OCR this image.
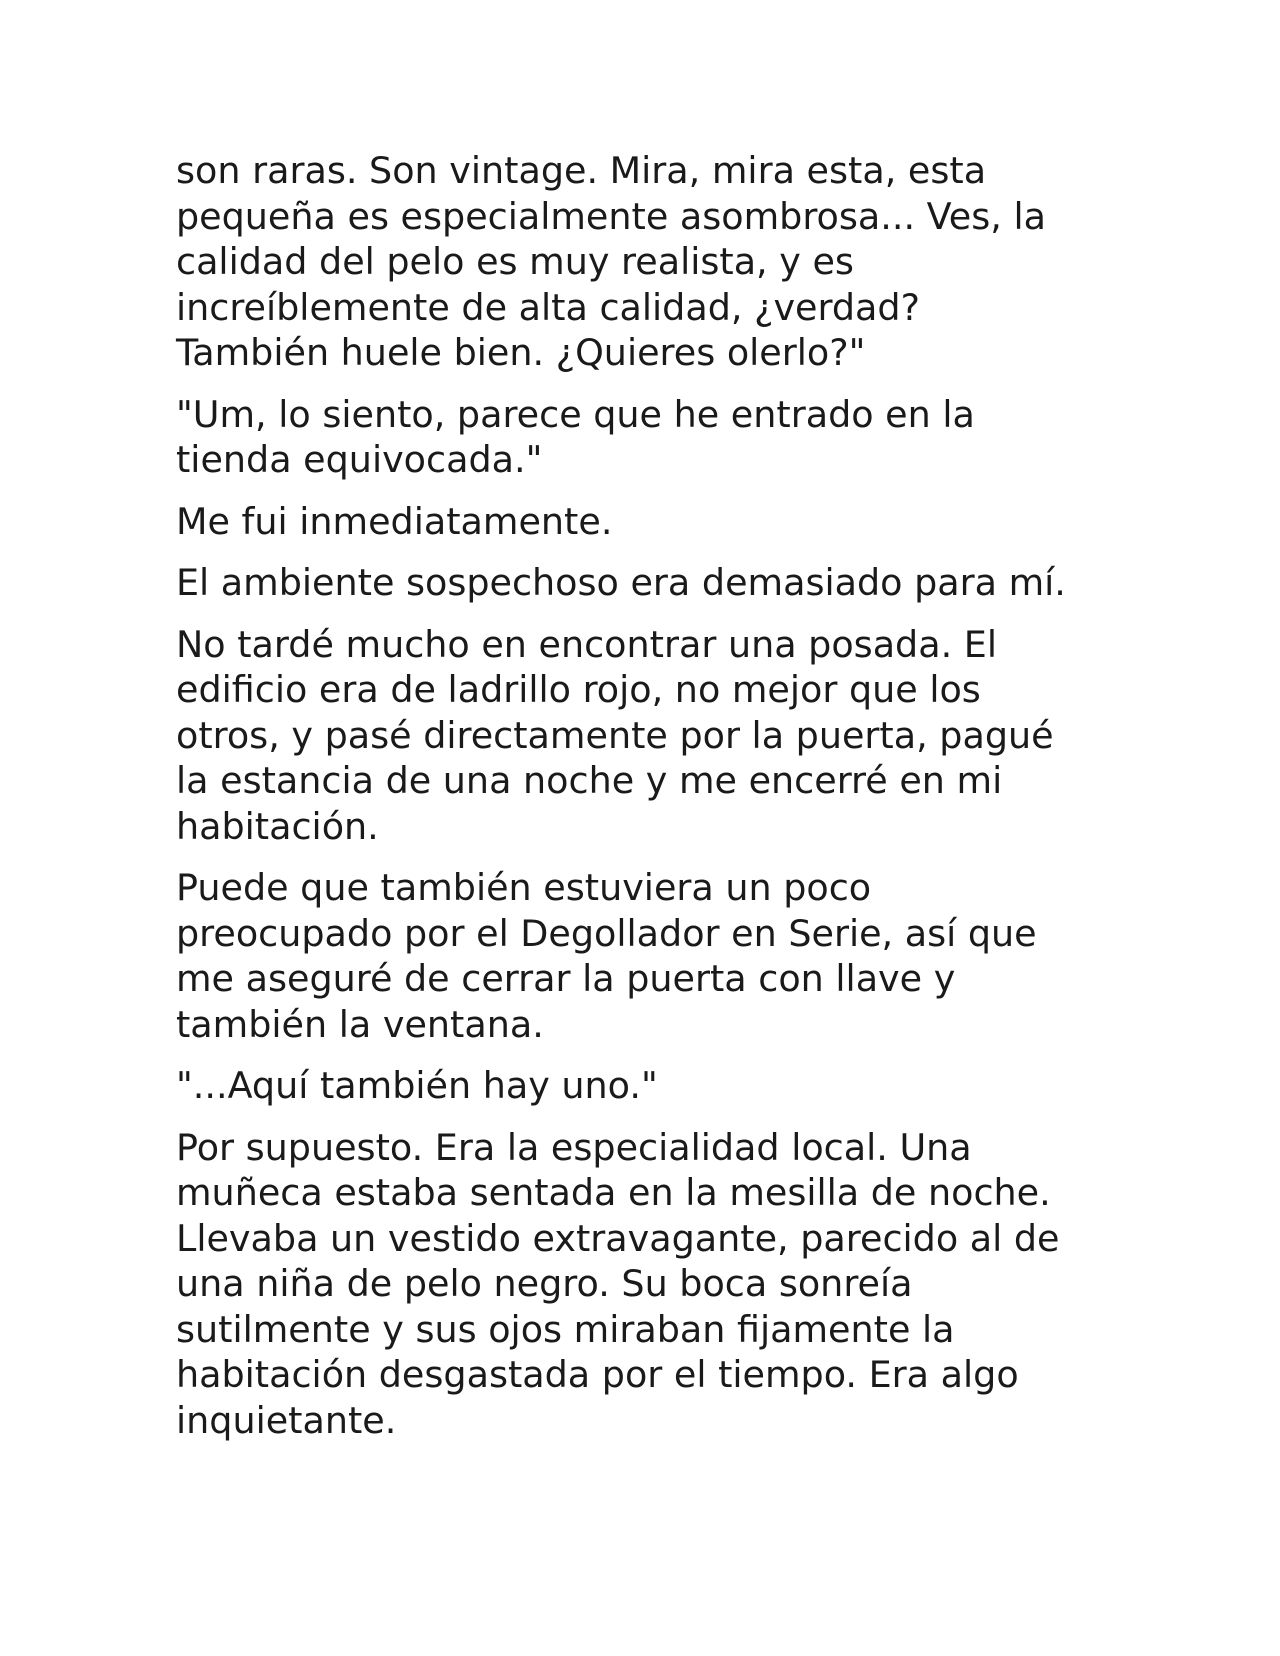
son raras. Son vintage. Mira, mira esta, esta
pequeña es especialmente asombrosa... Ves, la
calidad del pelo es muy realista, y es
increíblemente de alta calidad, ¿verdad?
También huele bien. ¿Quieres olerlo?"

"Um, lo siento, parece que he entrado en la
tienda equivocada."

Me fui inmediatamente.

El ambiente sospechoso era demasiado para mí.

No tardé mucho en encontrar una posada. El
edificio era de ladrillo rojo, no mejor que los
otros, y pasé directamente por la puerta, pagué
la estancia de una noche y me encerré en mi
habitación.

Puede que también estuviera un poco
preocupado por el Degollador en Serie, así que
me aseguré de cerrar la puerta con llave y
también la ventana.

"...Aquí también hay uno."

Por supuesto. Era la especialidad local. Una
muñeca estaba sentada en la mesilla de noche.
Llevaba un vestido extravagante, parecido al de
una niña de pelo negro. Su boca sonreía
sutilmente y sus ojos miraban fijamente la
habitación desgastada por el tiempo. Era algo
inquietante.
